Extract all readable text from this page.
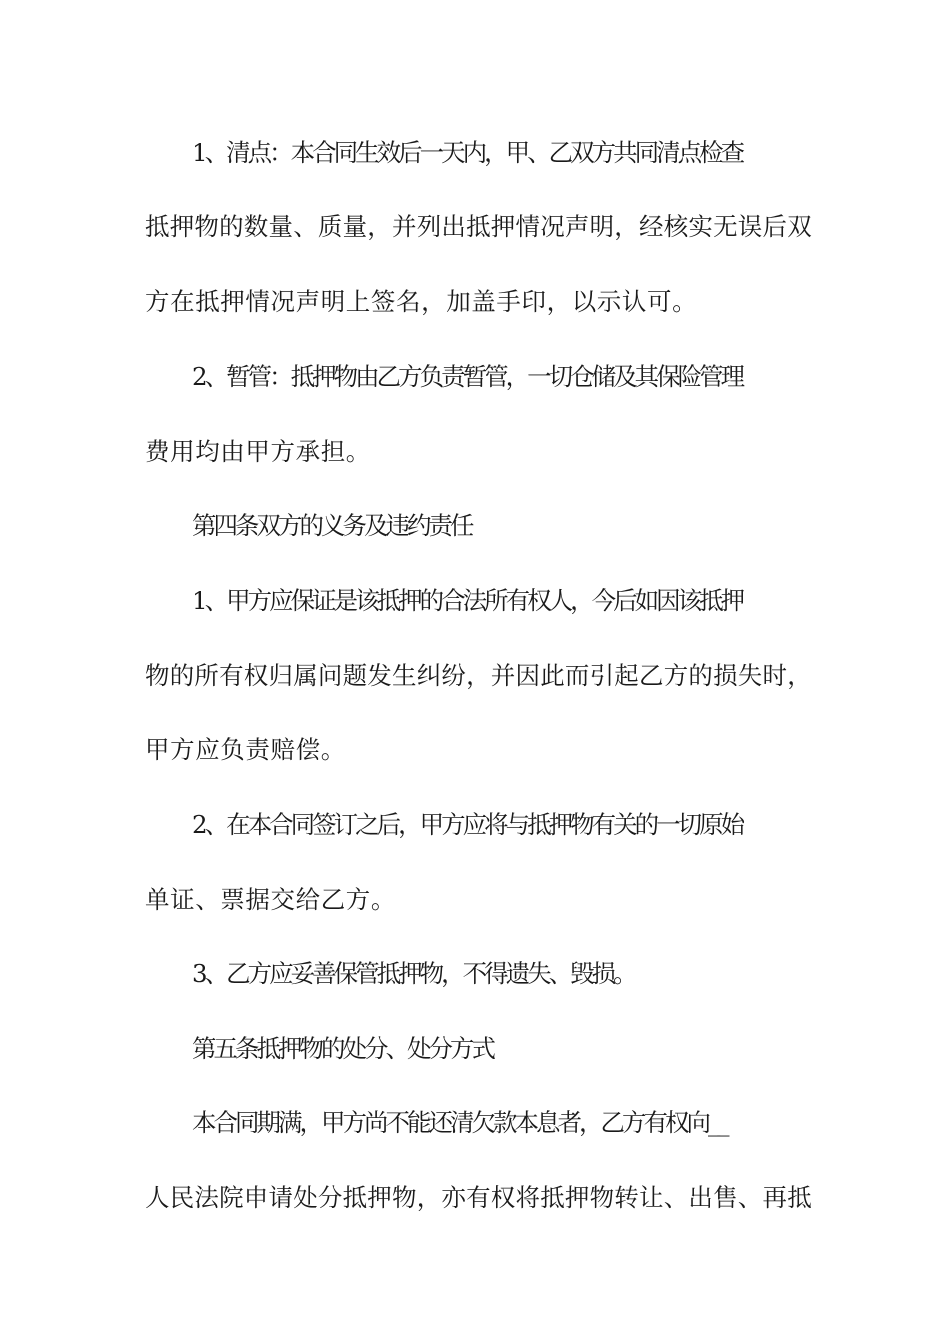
1、清点：本合同生效后一天内，甲、乙双方共同清点检查
抵押物的数量、质量，并列出抵押情况声明，经核实无误后双
方在抵押情况声明上签名，加盖手印，以示认可。
2、暂管：抵押物由乙方负责暂管，一切仓储及其保险管理
费用均由甲方承担。
第四条双方的义务及违约责任
1、甲方应保证是该抵押的合法所有权人，今后如因该抵押
物的所有权归属问题发生纠纷，并因此而引起乙方的损失时，
甲方应负责赔偿。
2、在本合同签订之后，甲方应将与抵押物有关的一切原始
单证、票据交给乙方。
3、乙方应妥善保管抵押物，不得遗失、毁损。
第五条抵押物的处分、处分方式
本合同期满，甲方尚不能还清欠款本息者，乙方有权向__
人民法院申请处分抵押物，亦有权将抵押物转让、出售、再抵
